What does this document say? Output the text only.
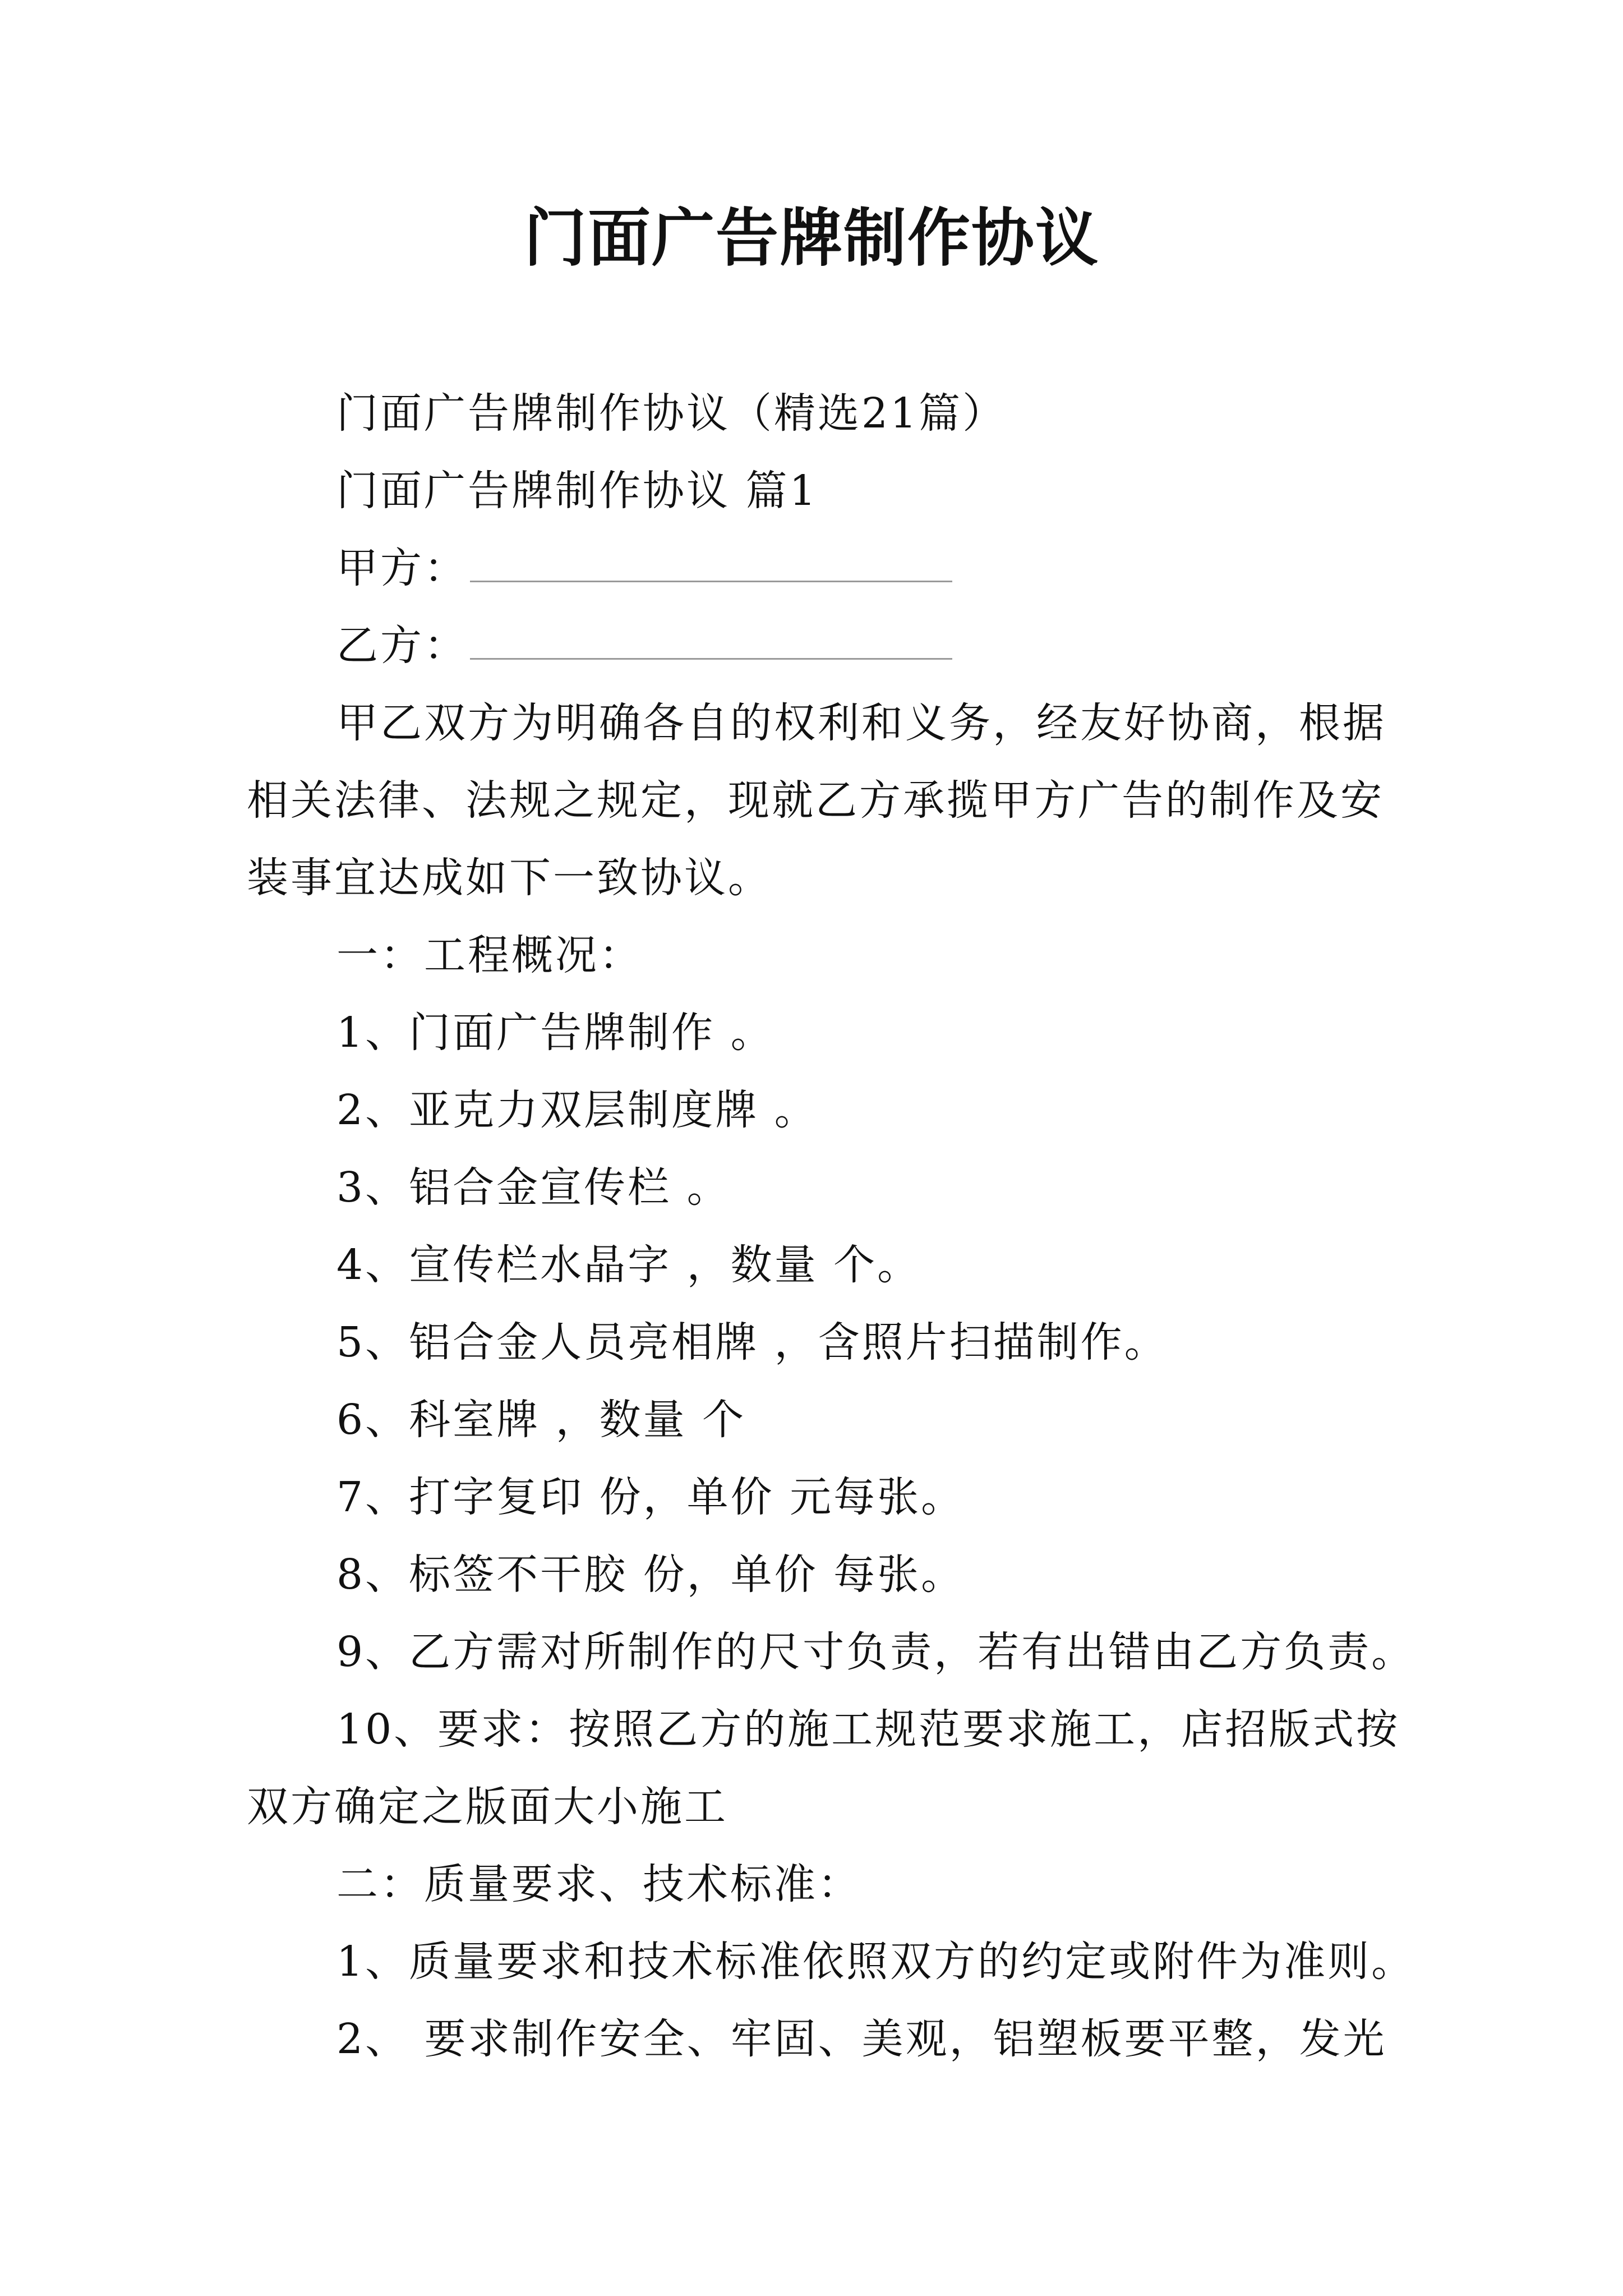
门面广告牌制作协议
门面广告牌制作协议（精选21篇）
门面广告牌制作协议 篇1
甲方：
乙方：
甲乙双方为明确各自的权利和义务，经友好协商，根据
相关法律、法规之规定，现就乙方承揽甲方广告的制作及安
装事宜达成如下一致协议。
一：工程概况：
1、门面广告牌制作 。
2、亚克力双层制度牌 。
3、铝合金宣传栏 。
4、宣传栏水晶字 ，数量 个。
5、铝合金人员亮相牌 ，含照片扫描制作。
6、科室牌 ，数量 个
7、打字复印 份，单价 元每张。
8、标签不干胶 份，单价 每张。
9、乙方需对所制作的尺寸负责，若有出错由乙方负责。
10、要求：按照乙方的施工规范要求施工，店招版式按
双方确定之版面大小施工
二：质量要求、技术标准：
1、质量要求和技术标准依照双方的约定或附件为准则。
2、 要求制作安全、牢固、美观，铝塑板要平整，发光
